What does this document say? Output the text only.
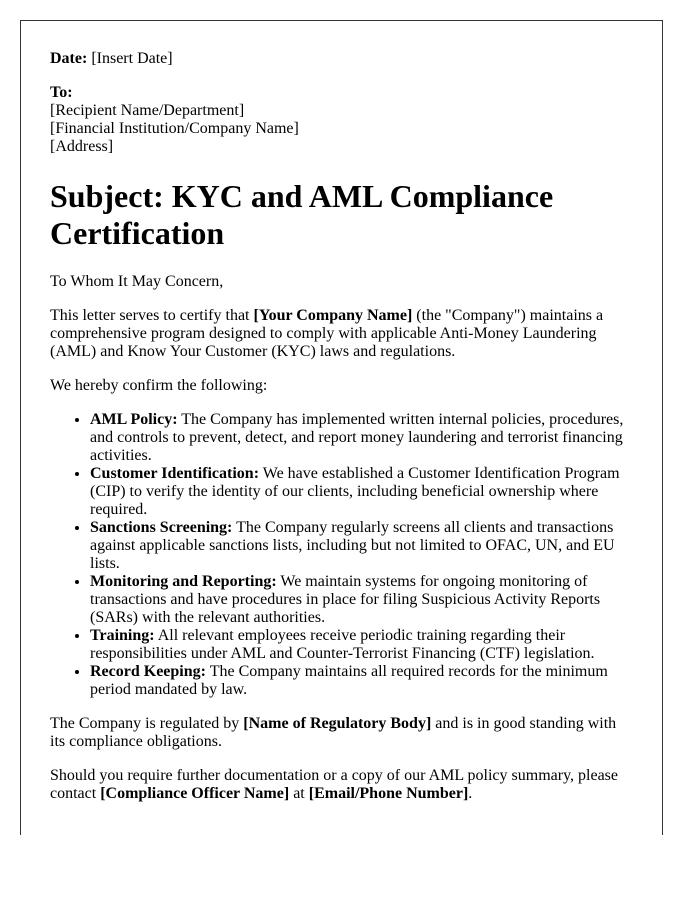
Date: [Insert Date]

To:
[Recipient Name/Department]
[Financial Institution/Company Name]
[Address]

Subject: KYC and AML Compliance Certification

To Whom It May Concern,

This letter serves to certify that [Your Company Name] (the "Company") maintains a comprehensive program designed to comply with applicable Anti-Money Laundering (AML) and Know Your Customer (KYC) laws and regulations.

We hereby confirm the following:

• AML Policy: The Company has implemented written internal policies, procedures, and controls to prevent, detect, and report money laundering and terrorist financing activities.
• Customer Identification: We have established a Customer Identification Program (CIP) to verify the identity of our clients, including beneficial ownership where required.
• Sanctions Screening: The Company regularly screens all clients and transactions against applicable sanctions lists, including but not limited to OFAC, UN, and EU lists.
• Monitoring and Reporting: We maintain systems for ongoing monitoring of transactions and have procedures in place for filing Suspicious Activity Reports (SARs) with the relevant authorities.
• Training: All relevant employees receive periodic training regarding their responsibilities under AML and Counter-Terrorist Financing (CTF) legislation.
• Record Keeping: The Company maintains all required records for the minimum period mandated by law.

The Company is regulated by [Name of Regulatory Body] and is in good standing with its compliance obligations.

Should you require further documentation or a copy of our AML policy summary, please contact [Compliance Officer Name] at [Email/Phone Number].
